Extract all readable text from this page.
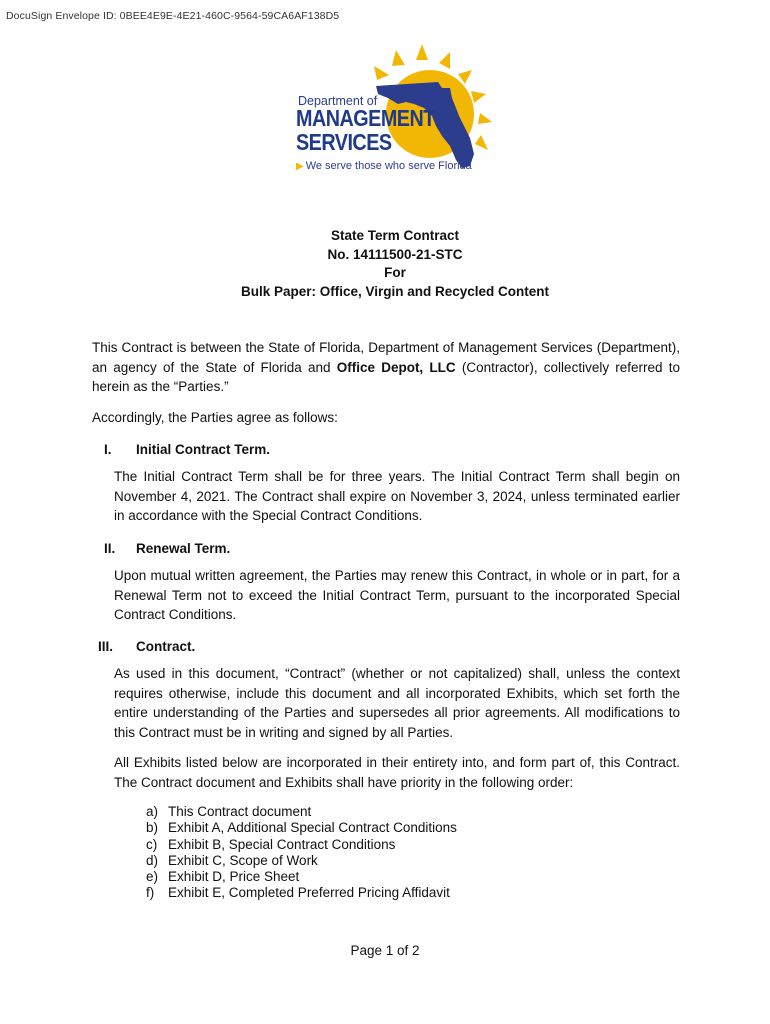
DocuSign Envelope ID: 0BEE4E9E-4E21-460C-9564-59CA6AF138D5
Department of
MANAGEMENT
SERVICES
▶ We serve those who serve Florida
State Term Contract
No. 14111500-21-STC
For
Bulk Paper: Office, Virgin and Recycled Content
This Contract is between the State of Florida, Department of Management Services (Department), an agency of the State of Florida and Office Depot, LLC (Contractor), collectively referred to herein as the “Parties.”
Accordingly, the Parties agree as follows:
I. Initial Contract Term.
The Initial Contract Term shall be for three years. The Initial Contract Term shall begin on November 4, 2021. The Contract shall expire on November 3, 2024, unless terminated earlier in accordance with the Special Contract Conditions.
II. Renewal Term.
Upon mutual written agreement, the Parties may renew this Contract, in whole or in part, for a Renewal Term not to exceed the Initial Contract Term, pursuant to the incorporated Special Contract Conditions.
III. Contract.
As used in this document, “Contract” (whether or not capitalized) shall, unless the context requires otherwise, include this document and all incorporated Exhibits, which set forth the entire understanding of the Parties and supersedes all prior agreements. All modifications to this Contract must be in writing and signed by all Parties.
All Exhibits listed below are incorporated in their entirety into, and form part of, this Contract. The Contract document and Exhibits shall have priority in the following order:
a) This Contract document
b) Exhibit A, Additional Special Contract Conditions
c) Exhibit B, Special Contract Conditions
d) Exhibit C, Scope of Work
e) Exhibit D, Price Sheet
f) Exhibit E, Completed Preferred Pricing Affidavit
Page 1 of 2
